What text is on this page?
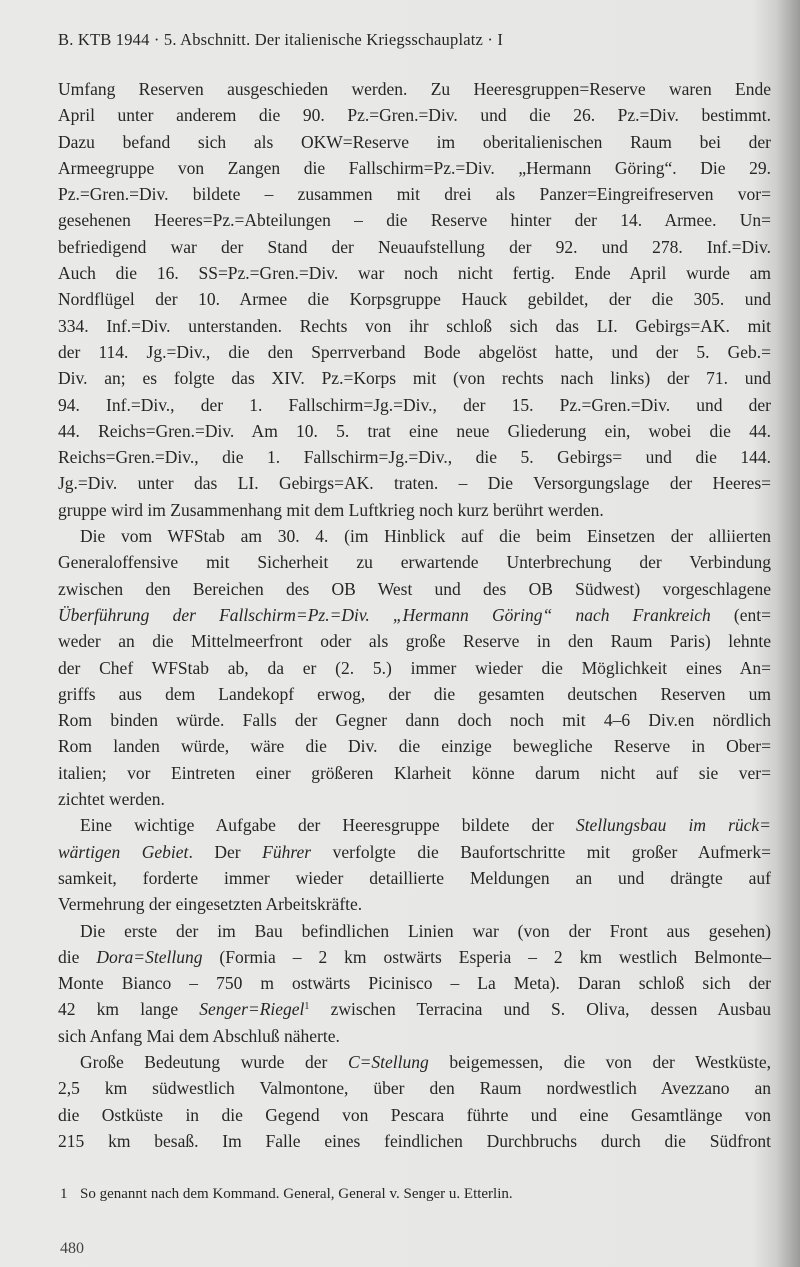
B. KTB 1944 · 5. Abschnitt. Der italienische Kriegsschauplatz · I
Umfang Reserven ausgeschieden werden. Zu Heeresgruppen=Reserve waren Ende
April unter anderem die 90. Pz.=Gren.=Div. und die 26. Pz.=Div. bestimmt.
Dazu befand sich als OKW=Reserve im oberitalienischen Raum bei der
Armeegruppe von Zangen die Fallschirm=Pz.=Div. „Hermann Göring“. Die 29.
Pz.=Gren.=Div. bildete – zusammen mit drei als Panzer=Eingreifreserven vor=
gesehenen Heeres=Pz.=Abteilungen – die Reserve hinter der 14. Armee. Un=
befriedigend war der Stand der Neuaufstellung der 92. und 278. Inf.=Div.
Auch die 16. SS=Pz.=Gren.=Div. war noch nicht fertig. Ende April wurde am
Nordflügel der 10. Armee die Korpsgruppe Hauck gebildet, der die 305. und
334. Inf.=Div. unterstanden. Rechts von ihr schloß sich das LI. Gebirgs=AK. mit
der 114. Jg.=Div., die den Sperrverband Bode abgelöst hatte, und der 5. Geb.=
Div. an; es folgte das XIV. Pz.=Korps mit (von rechts nach links) der 71. und
94. Inf.=Div., der 1. Fallschirm=Jg.=Div., der 15. Pz.=Gren.=Div. und der
44. Reichs=Gren.=Div. Am 10. 5. trat eine neue Gliederung ein, wobei die 44.
Reichs=Gren.=Div., die 1. Fallschirm=Jg.=Div., die 5. Gebirgs= und die 144.
Jg.=Div. unter das LI. Gebirgs=AK. traten. – Die Versorgungslage der Heeres=
gruppe wird im Zusammenhang mit dem Luftkrieg noch kurz berührt werden.
Die vom WFStab am 30. 4. (im Hinblick auf die beim Einsetzen der alliierten
Generaloffensive mit Sicherheit zu erwartende Unterbrechung der Verbindung
zwischen den Bereichen des OB West und des OB Südwest) vorgeschlagene
Überführung der Fallschirm=Pz.=Div. „Hermann Göring“ nach Frankreich (ent=
weder an die Mittelmeerfront oder als große Reserve in den Raum Paris) lehnte
der Chef WFStab ab, da er (2. 5.) immer wieder die Möglichkeit eines An=
griffs aus dem Landekopf erwog, der die gesamten deutschen Reserven um
Rom binden würde. Falls der Gegner dann doch noch mit 4–6 Div.en nördlich
Rom landen würde, wäre die Div. die einzige bewegliche Reserve in Ober=
italien; vor Eintreten einer größeren Klarheit könne darum nicht auf sie ver=
zichtet werden.
Eine wichtige Aufgabe der Heeresgruppe bildete der Stellungsbau im rück=
wärtigen Gebiet. Der Führer verfolgte die Baufortschritte mit großer Aufmerk=
samkeit, forderte immer wieder detaillierte Meldungen an und drängte auf
Vermehrung der eingesetzten Arbeitskräfte.
Die erste der im Bau befindlichen Linien war (von der Front aus gesehen)
die Dora=Stellung (Formia – 2 km ostwärts Esperia – 2 km westlich Belmonte–
Monte Bianco – 750 m ostwärts Picinisco – La Meta). Daran schloß sich der
42 km lange Senger=Riegel$^1$ zwischen Terracina und S. Oliva, dessen Ausbau
sich Anfang Mai dem Abschluß näherte.
Große Bedeutung wurde der C=Stellung beigemessen, die von der Westküste,
2,5 km südwestlich Valmontone, über den Raum nordwestlich Avezzano an
die Ostküste in die Gegend von Pescara führte und eine Gesamtlänge von
215 km besaß. Im Falle eines feindlichen Durchbruchs durch die Südfront
1 So genannt nach dem Kommand. General, General v. Senger u. Etterlin.
480
